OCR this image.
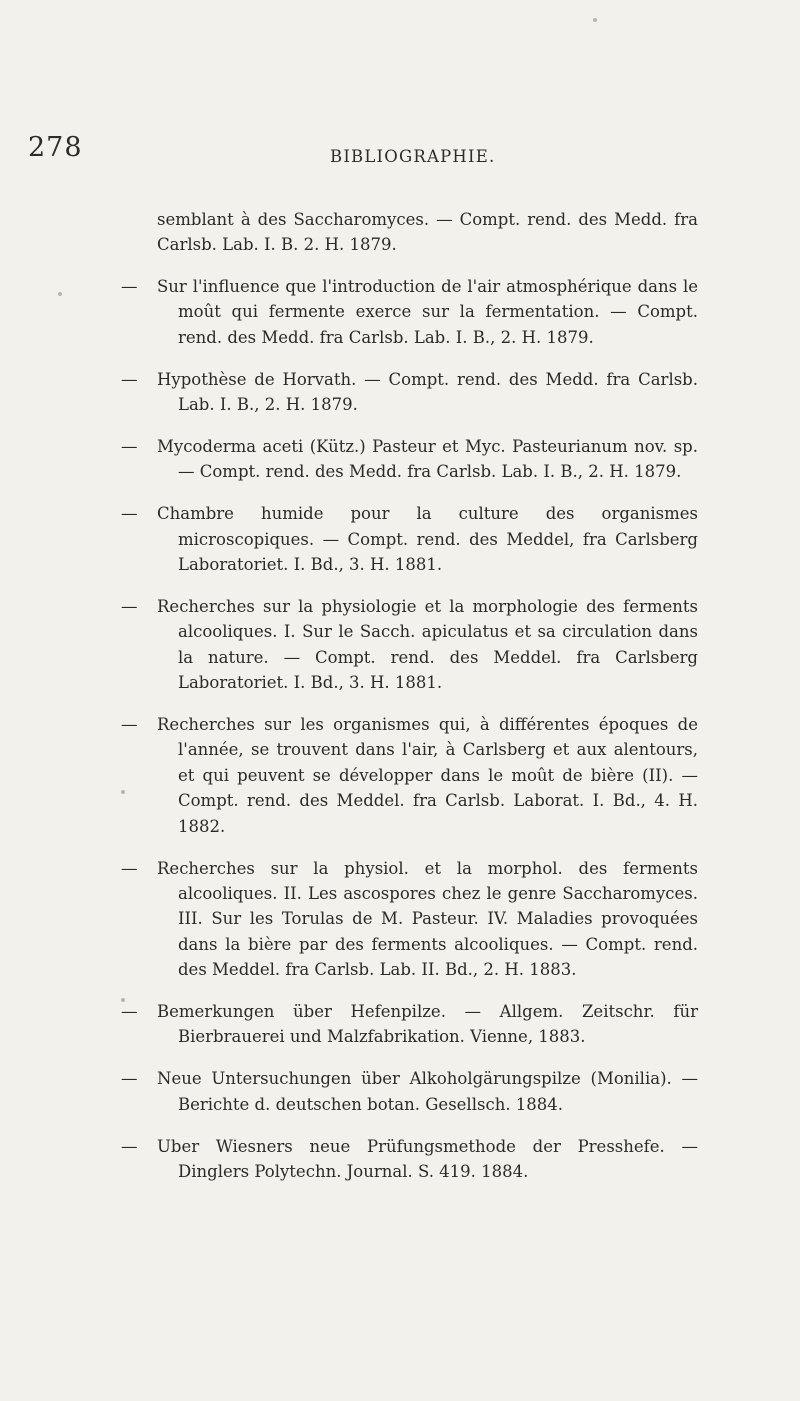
278	BIBLIOGRAPHIE.

semblant à des Saccharomyces. — Compt. rend. des Medd. fra Carlsb. Lab. I. B. 2. H. 1879.

— Sur l'influence que l'introduction de l'air atmosphérique dans le moût qui fermente exerce sur la fermentation. — Compt. rend. des Medd. fra Carlsb. Lab. I. B., 2. H. 1879.

— Hypothèse de Horvath. — Compt. rend. des Medd. fra Carlsb. Lab. I. B., 2. H. 1879.

— Mycoderma aceti (Kütz.) Pasteur et Myc. Pasteurianum nov. sp. — Compt. rend. des Medd. fra Carlsb. Lab. I. B., 2. H. 1879.

— Chambre humide pour la culture des organismes microscopiques. — Compt. rend. des Meddel, fra Carlsberg Laboratoriet. I. Bd., 3. H. 1881.

— Recherches sur la physiologie et la morphologie des ferments alcooliques. I. Sur le Sacch. apiculatus et sa circulation dans la nature. — Compt. rend. des Meddel. fra Carlsberg Laboratoriet. I. Bd., 3. H. 1881.

— Recherches sur les organismes qui, à différentes époques de l'année, se trouvent dans l'air, à Carlsberg et aux alentours, et qui peuvent se développer dans le moût de bière (II). — Compt. rend. des Meddel. fra Carlsb. Laborat. I. Bd., 4. H. 1882.

— Recherches sur la physiol. et la morphol. des ferments alcooliques. II. Les ascospores chez le genre Saccharomyces. III. Sur les Torulas de M. Pasteur. IV. Maladies provoquées dans la bière par des ferments alcooliques. — Compt. rend. des Meddel. fra Carlsb. Lab. II. Bd., 2. H. 1883.

— Bemerkungen über Hefenpilze. — Allgem. Zeitschr. für Bierbrauerei und Malzfabrikation. Vienne, 1883.

— Neue Untersuchungen über Alkoholgärungspilze (Monilia). — Berichte d. deutschen botan. Gesellsch. 1884.

— Uber Wiesners neue Prüfungsmethode der Presshefe. — Dinglers Polytechn. Journal. S. 419. 1884.
